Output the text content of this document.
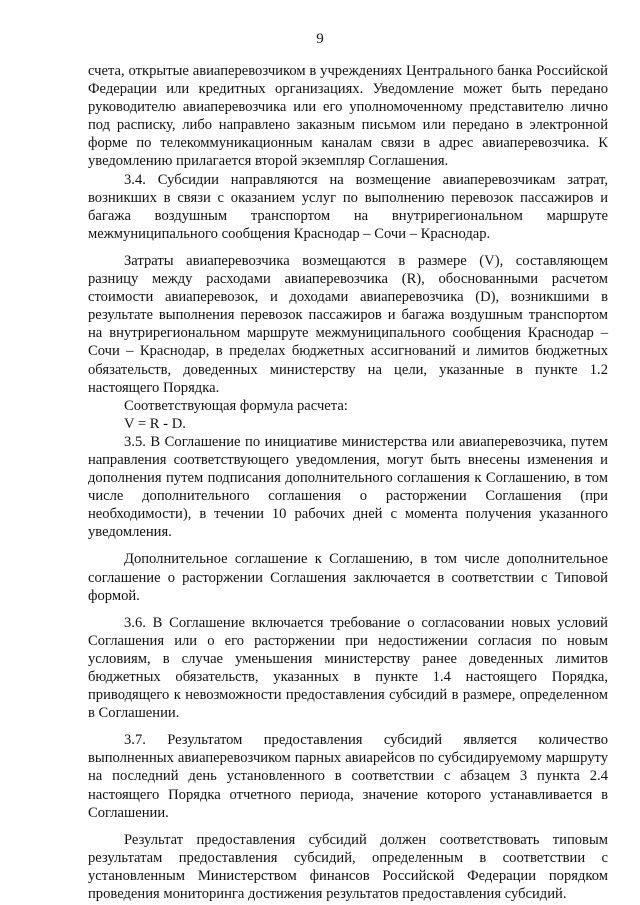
9

счета, открытые авиаперевозчиком в учреждениях Центрального банка Российской Федерации или кредитных организациях. Уведомление может быть передано руководителю авиаперевозчика или его уполномоченному представителю лично под расписку, либо направлено заказным письмом или передано в электронной форме по телекоммуникационным каналам связи в адрес авиаперевозчика. К уведомлению прилагается второй экземпляр Соглашения.

3.4. Субсидии направляются на возмещение авиаперевозчикам затрат, возникших в связи с оказанием услуг по выполнению перевозок пассажиров и багажа воздушным транспортом на внутрирегиональном маршруте межмуниципального сообщения Краснодар – Сочи – Краснодар.

Затраты авиаперевозчика возмещаются в размере (V), составляющем разницу между расходами авиаперевозчика (R), обоснованными расчетом стоимости авиаперевозок, и доходами авиаперевозчика (D), возникшими в результате выполнения перевозок пассажиров и багажа воздушным транспортом на внутрирегиональном маршруте межмуниципального сообщения Краснодар – Сочи – Краснодар, в пределах бюджетных ассигнований и лимитов бюджетных обязательств, доведенных министерству на цели, указанные в пункте 1.2 настоящего Порядка.

Соответствующая формула расчета:

V = R - D.

3.5. В Соглашение по инициативе министерства или авиаперевозчика, путем направления соответствующего уведомления, могут быть внесены изменения и дополнения путем подписания дополнительного соглашения к Соглашению, в том числе дополнительного соглашения о расторжении Соглашения (при необходимости), в течении 10 рабочих дней с момента получения указанного уведомления.

Дополнительное соглашение к Соглашению, в том числе дополнительное соглашение о расторжении Соглашения заключается в соответствии с Типовой формой.

3.6. В Соглашение включается требование о согласовании новых условий Соглашения или о его расторжении при недостижении согласия по новым условиям, в случае уменьшения министерству ранее доведенных лимитов бюджетных обязательств, указанных в пункте 1.4 настоящего Порядка, приводящего к невозможности предоставления субсидий в размере, определенном в Соглашении.

3.7. Результатом предоставления субсидий является количество выполненных авиаперевозчиком парных авиарейсов по субсидируемому маршруту на последний день установленного в соответствии с абзацем 3 пункта 2.4 настоящего Порядка отчетного периода, значение которого устанавливается в Соглашении.

Результат предоставления субсидий должен соответствовать типовым результатам предоставления субсидий, определенным в соответствии с установленным Министерством финансов Российской Федерации порядком проведения мониторинга достижения результатов предоставления субсидий.
